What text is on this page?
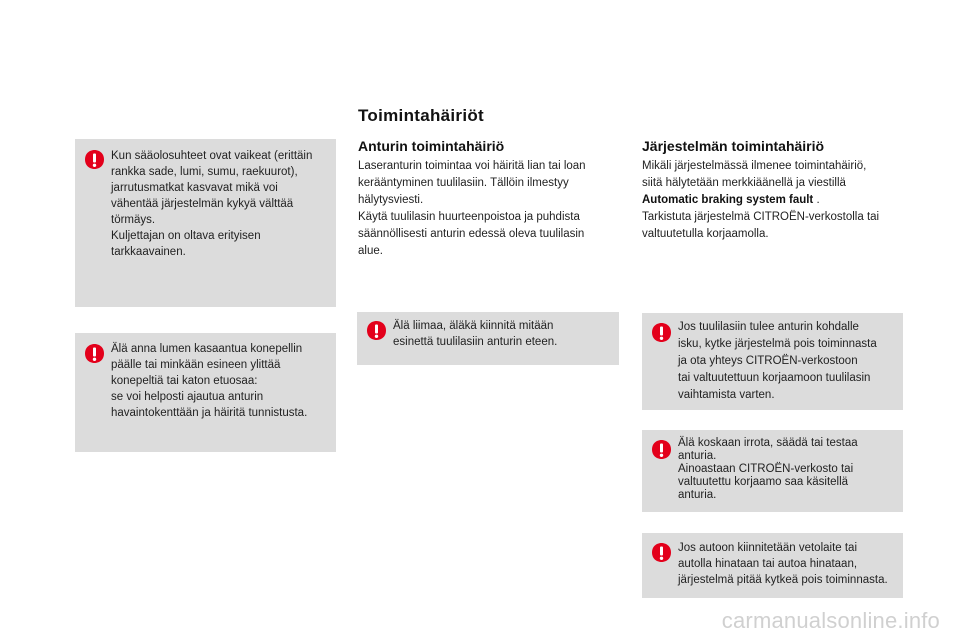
Kun sääolosuhteet ovat vaikeat (erittäin
rankka sade, lumi, sumu, raekuurot),
jarrutusmatkat kasvavat mikä voi
vähentää järjestelmän kykyä välttää
törmäys.
Kuljettajan on oltava erityisen
tarkkaavainen.
Älä anna lumen kasaantua konepellin
päälle tai minkään esineen ylittää
konepeltiä tai katon etuosaa:
se voi helposti ajautua anturin
havaintokenttään ja häiritä tunnistusta.
Toimintahäiriöt
Anturin toimintahäiriö
Laseranturin toimintaa voi häiritä lian tai loan
kerääntyminen tuulilasiin. Tällöin ilmestyy
hälytysviesti.
Käytä tuulilasin huurteenpoistoa ja puhdista
säännöllisesti anturin edessä oleva tuulilasin
alue.
Älä liimaa, äläkä kiinnitä mitään
esinettä tuulilasiin anturin eteen.
Järjestelmän toimintahäiriö
Mikäli järjestelmässä ilmenee toimintahäiriö,
siitä hälytetään merkkiäänellä ja viestillä
Automatic braking system fault .
Tarkistuta järjestelmä CITROËN-verkostolla tai
valtuutetulla korjaamolla.
Jos tuulilasiin tulee anturin kohdalle
isku, kytke järjestelmä pois toiminnasta
ja ota yhteys CITROËN-verkostoon
tai valtuutettuun korjaamoon tuulilasin
vaihtamista varten.
Älä koskaan irrota, säädä tai testaa
anturia.
Ainoastaan CITROËN-verkosto tai
valtuutettu korjaamo saa käsitellä
anturia.
Jos autoon kiinnitetään vetolaite tai
autolla hinataan tai autoa hinataan,
järjestelmä pitää kytkeä pois toiminnasta.
carmanualsonline.info
